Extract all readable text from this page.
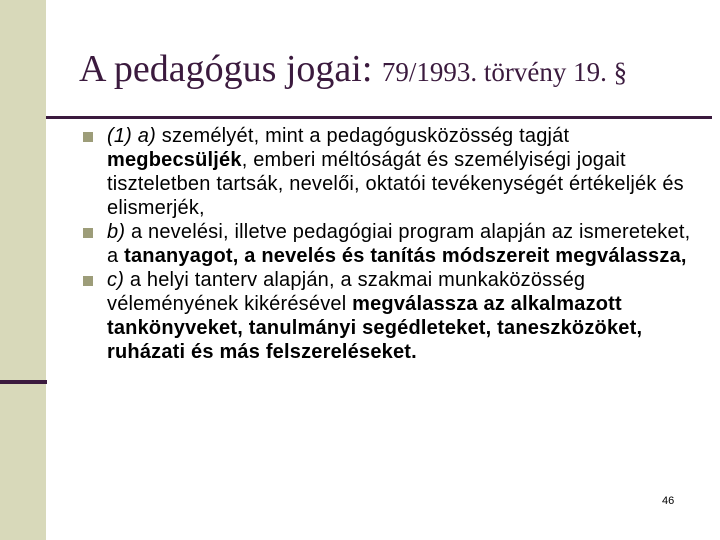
A pedagógus jogai: 79/1993. törvény 19. §
(1) a) személyét, mint a pedagógusközösség tagját megbecsüljék, emberi méltóságát és személyiségi jogait tiszteletben tartsák, nevelői, oktatói tevékenységét értékeljék és elismerjék,
b) a nevelési, illetve pedagógiai program alapján az ismereteket, a tananyagot, a nevelés és tanítás módszereit megválassza,
c) a helyi tanterv alapján, a szakmai munkaközösség véleményének kikérésével megválassza az alkalmazott tankönyveket, tanulmányi segédleteket, taneszközöket, ruházati és más felszereléseket.
46
